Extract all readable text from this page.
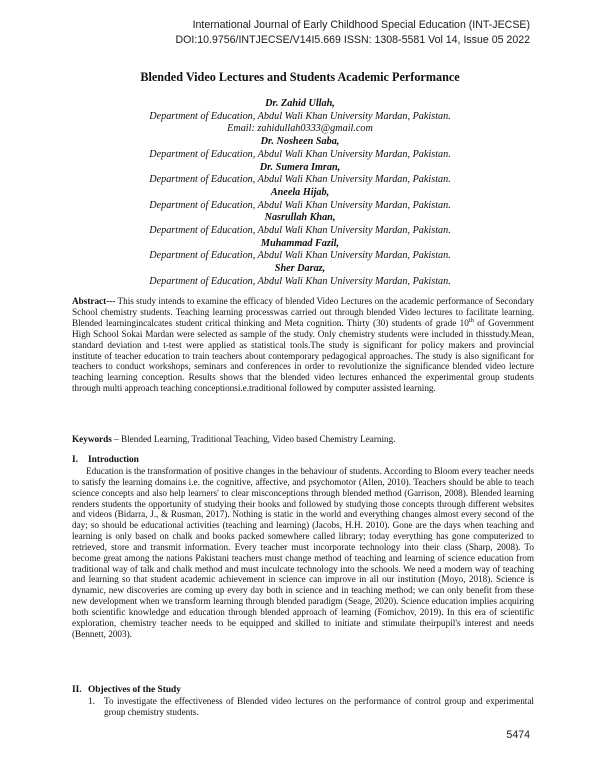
International Journal of Early Childhood Special Education (INT-JECSE)
DOI:10.9756/INTJECSE/V14I5.669 ISSN: 1308-5581 Vol 14, Issue 05 2022
Blended Video Lectures and Students Academic Performance
Dr. Zahid Ullah,
Department of Education, Abdul Wali Khan University Mardan, Pakistan.
Email: zahidullah0333@gmail.com
Dr. Nosheen Saba,
Department of Education, Abdul Wali Khan University Mardan, Pakistan.
Dr. Sumera Imran,
Department of Education, Abdul Wali Khan University Mardan, Pakistan.
Aneela Hijab,
Department of Education, Abdul Wali Khan University Mardan, Pakistan.
Nasrullah Khan,
Department of Education, Abdul Wali Khan University Mardan, Pakistan.
Muhammad Fazil,
Department of Education, Abdul Wali Khan University Mardan, Pakistan.
Sher Daraz,
Department of Education, Abdul Wali Khan University Mardan, Pakistan.
Abstract--- This study intends to examine the efficacy of blended Video Lectures on the academic performance of Secondary School chemistry students. Teaching learning processwas carried out through blended Video lectures to facilitate learning. Blended learningincalcates student critical thinking and Meta cognition. Thirty (30) students of grade 10th of Government High School Sokai Mardan were selected as sample of the study. Only chemistry students were included in thisstudy.Mean, standard deviation and t-test were applied as statistical tools.The study is significant for policy makers and provincial institute of teacher education to train teachers about contemporary pedagogical approaches. The study is also significant for teachers to conduct workshops, seminars and conferences in order to revolutionize the significance blended video lecture teaching learning conception. Results shows that the blended video lectures enhanced the experimental group students through multi approach teaching conceptionsi.e.traditional followed by computer assisted learning.
Keywords – Blended Learning, Traditional Teaching, Video based Chemistry Learning.
I. Introduction
Education is the transformation of positive changes in the behaviour of students. According to Bloom every teacher needs to satisfy the learning domains i.e. the cognitive, affective, and psychomotor (Allen, 2010). Teachers should be able to teach science concepts and also help learners' to clear misconceptions through blended method (Garrison, 2008). Blended learning renders students the opportunity of studying their books and followed by studying those concepts through different websites and videos (Bidarra, J., & Rusman, 2017). Nothing is static in the world and everything changes almost every second of the day; so should be educational activities (teaching and learning) (Jacobs, H.H. 2010). Gone are the days when teaching and learning is only based on chalk and books packed somewhere called library; today everything has gone computerized to retrieved, store and transmit information. Every teacher must incorporate technology into their class (Sharp, 2008). To become great among the nations Pakistani teachers must change method of teaching and learning of science education from traditional way of talk and chalk method and must inculcate technology into the schools. We need a modern way of teaching and learning so that student academic achievement in science can improve in all our institution (Moyo, 2018). Science is dynamic, new discoveries are coming up every day both in science and in teaching method; we can only benefit from these new development when we transform learning through blended paradigm (Seage, 2020). Science education implies acquiring both scientific knowledge and education through blended approach of learning (Fomichov, 2019). In this era of scientific exploration, chemistry teacher needs to be equipped and skilled to initiate and stimulate theirpupil's interest and needs (Bennett, 2003).
II. Objectives of the Study
1. To investigate the effectiveness of Blended video lectures on the performance of control group and experimental group chemistry students.
5474
